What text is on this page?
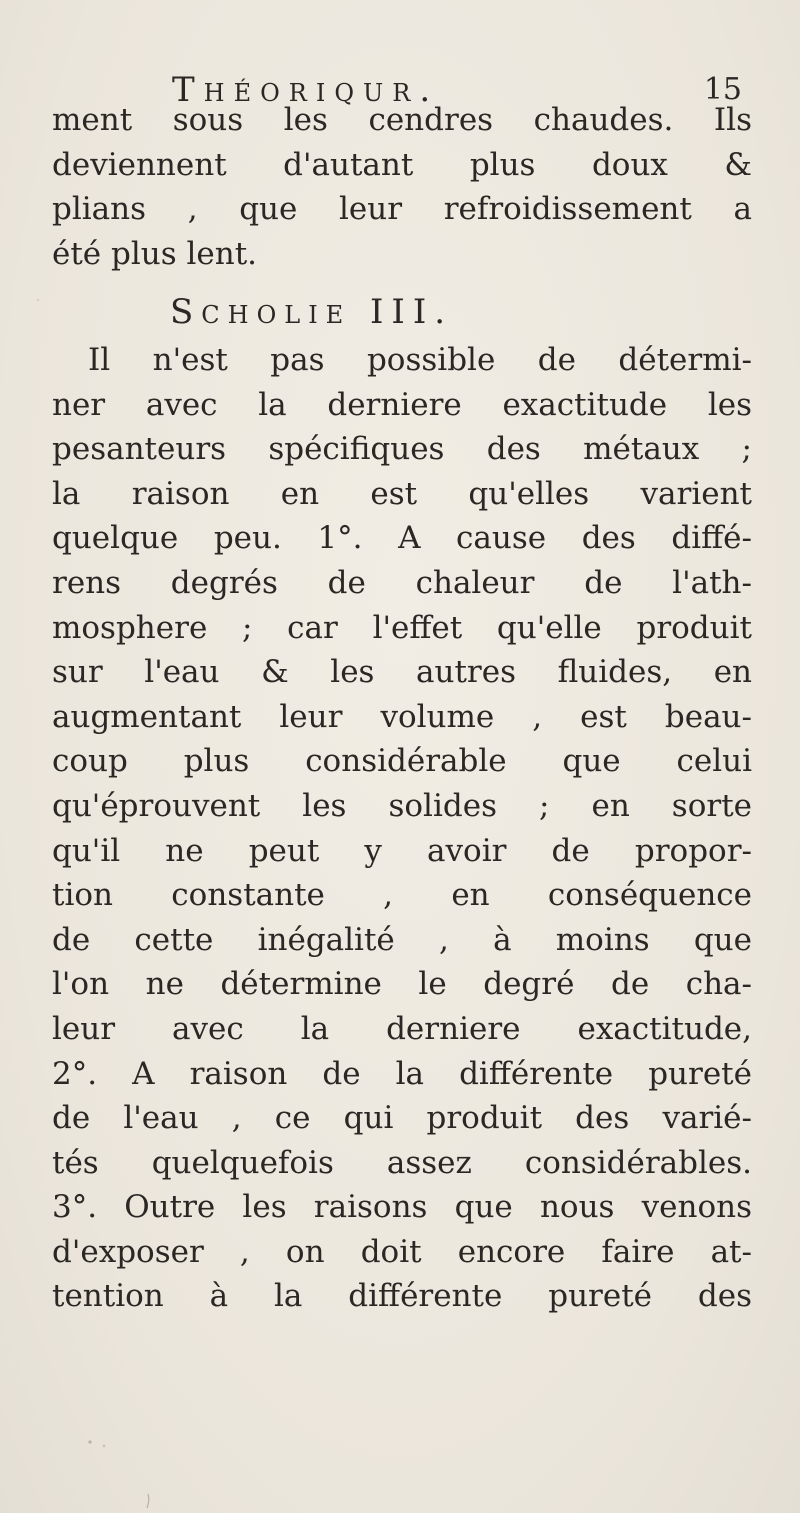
Théoriqur.	15
ment sous les cendres chaudes. Ils
deviennent d'autant plus doux &
plians , que leur refroidissement a
été plus lent.
Scholie III.
Il n'est pas possible de détermi-
ner avec la derniere exactitude les
pesanteurs spécifiques des métaux ;
la raison en est qu'elles varient
quelque peu. 1°. A cause des diffé-
rens degrés de chaleur de l'ath-
mosphere ; car l'effet qu'elle produit
sur l'eau & les autres fluides, en
augmentant leur volume , est beau-
coup plus considérable que celui
qu'éprouvent les solides ; en sorte
qu'il ne peut y avoir de propor-
tion constante , en conséquence
de cette inégalité , à moins que
l'on ne détermine le degré de cha-
leur avec la derniere exactitude,
2°. A raison de la différente pureté
de l'eau , ce qui produit des varié-
tés quelquefois assez considérables.
3°. Outre les raisons que nous venons
d'exposer , on doit encore faire at-
tention à la différente pureté des
